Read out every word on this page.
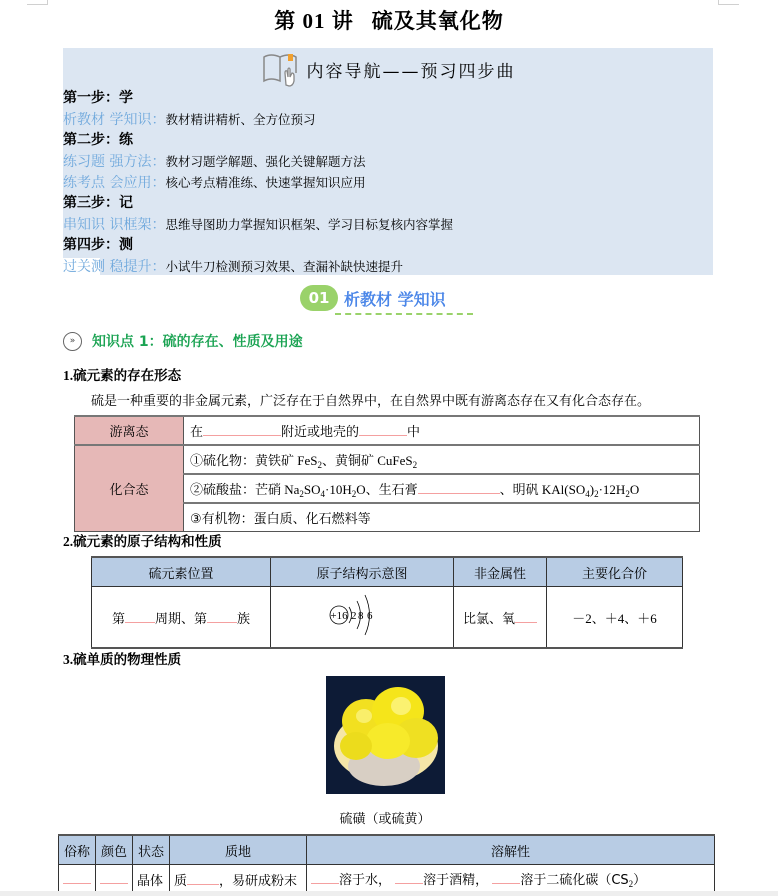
第 01 讲 硫及其氧化物
内容导航——预习四步曲
第一步：学
析教材 学知识：教材精讲精析、全方位预习
第二步：练
练习题 强方法：教材习题学解题、强化关键解题方法
练考点 会应用：核心考点精准练、快速掌握知识应用
第三步：记
串知识 识框架：思维导图助力掌握知识框架、学习目标复核内容掌握
第四步：测
过关测 稳提升：小试牛刀检测预习效果、查漏补缺快速提升
01 析教材 学知识
»	知识点 1：硫的存在、性质及用途
1.硫元素的存在形态
硫是一种重要的非金属元素，广泛存在于自然界中，在自然界中既有游离态存在又有化合态存在。
游离态	在 附近或地壳的 中
化合态	①硫化物：黄铁矿 FeS$_2$、黄铜矿 CuFeS$_2$
	②硫酸盐：芒硝 $Na_2SO_4\cdot 10H_2O$、生石膏 、明矾 $KAl(SO_4)_2\cdot 12H_2O$
	③有机物：蛋白质、化石燃料等
2.硫元素的原子结构和性质
硫元素位置	原子结构示意图	非金属性	主要化合价
第 周期、第 族	+16 2 8 6	比氯、氧	－2、＋4、＋6
3.硫单质的物理性质
硫磺（或硫黄）
俗称	颜色	状态	质地	溶解性
		晶体	质 ，易研成粉末	溶于水， 溶于酒精， 溶于二硫化碳$(CS_2)$
